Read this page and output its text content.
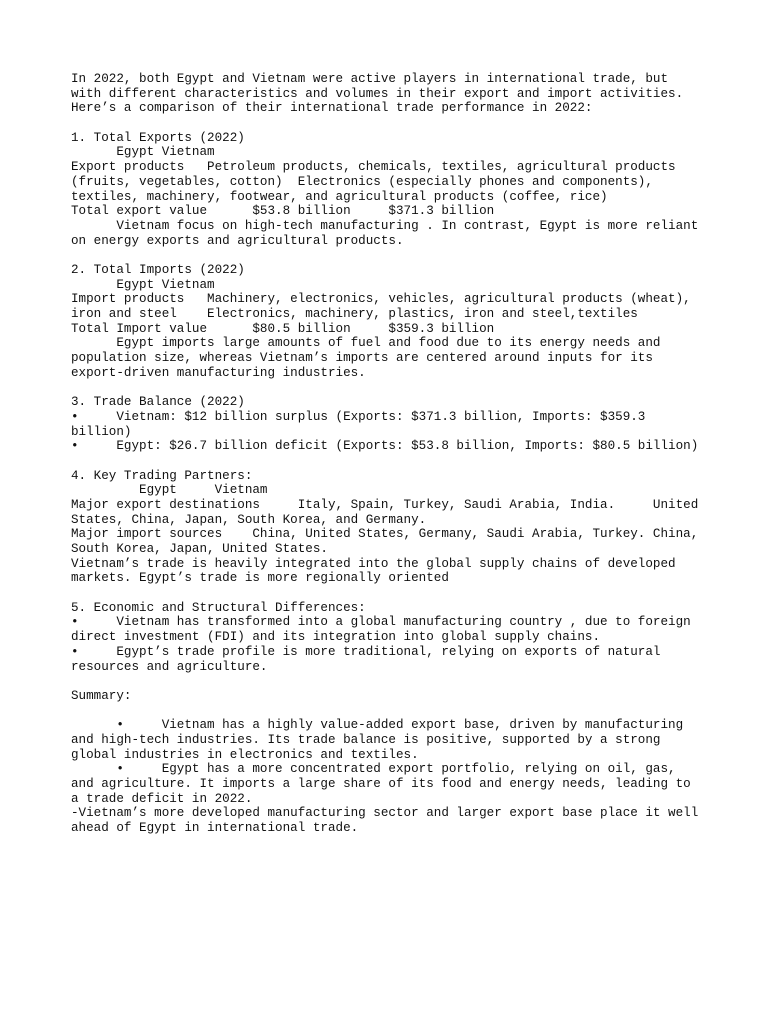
In 2022, both Egypt and Vietnam were active players in international trade, but
with different characteristics and volumes in their export and import activities.
Here’s a comparison of their international trade performance in 2022:
1. Total Exports (2022)
Egypt Vietnam
Export products   Petroleum products, chemicals, textiles, agricultural products
(fruits, vegetables, cotton)  Electronics (especially phones and components),
textiles, machinery, footwear, and agricultural products (coffee, rice)
Total export value      $53.8 billion     $371.3 billion
Vietnam focus on high-tech manufacturing . In contrast, Egypt is more reliant
on energy exports and agricultural products.
2. Total Imports (2022)
Egypt Vietnam
Import products   Machinery, electronics, vehicles, agricultural products (wheat),
iron and steel    Electronics, machinery, plastics, iron and steel,textiles
Total Import value      $80.5 billion     $359.3 billion
Egypt imports large amounts of fuel and food due to its energy needs and
population size, whereas Vietnam’s imports are centered around inputs for its
export-driven manufacturing industries.
3. Trade Balance (2022)
•     Vietnam: $12 billion surplus (Exports: $371.3 billion, Imports: $359.3
billion)
•     Egypt: $26.7 billion deficit (Exports: $53.8 billion, Imports: $80.5 billion)
4. Key Trading Partners:
Egypt     Vietnam
Major export destinations     Italy, Spain, Turkey, Saudi Arabia, India.     United
States, China, Japan, South Korea, and Germany.
Major import sources    China, United States, Germany, Saudi Arabia, Turkey. China,
South Korea, Japan, United States.
Vietnam’s trade is heavily integrated into the global supply chains of developed
markets. Egypt’s trade is more regionally oriented
5. Economic and Structural Differences:
•     Vietnam has transformed into a global manufacturing country , due to foreign
direct investment (FDI) and its integration into global supply chains.
•     Egypt’s trade profile is more traditional, relying on exports of natural
resources and agriculture.
Summary:
•     Vietnam has a highly value-added export base, driven by manufacturing
and high-tech industries. Its trade balance is positive, supported by a strong
global industries in electronics and textiles.
•     Egypt has a more concentrated export portfolio, relying on oil, gas,
and agriculture. It imports a large share of its food and energy needs, leading to
a trade deficit in 2022.
-Vietnam’s more developed manufacturing sector and larger export base place it well
ahead of Egypt in international trade.
